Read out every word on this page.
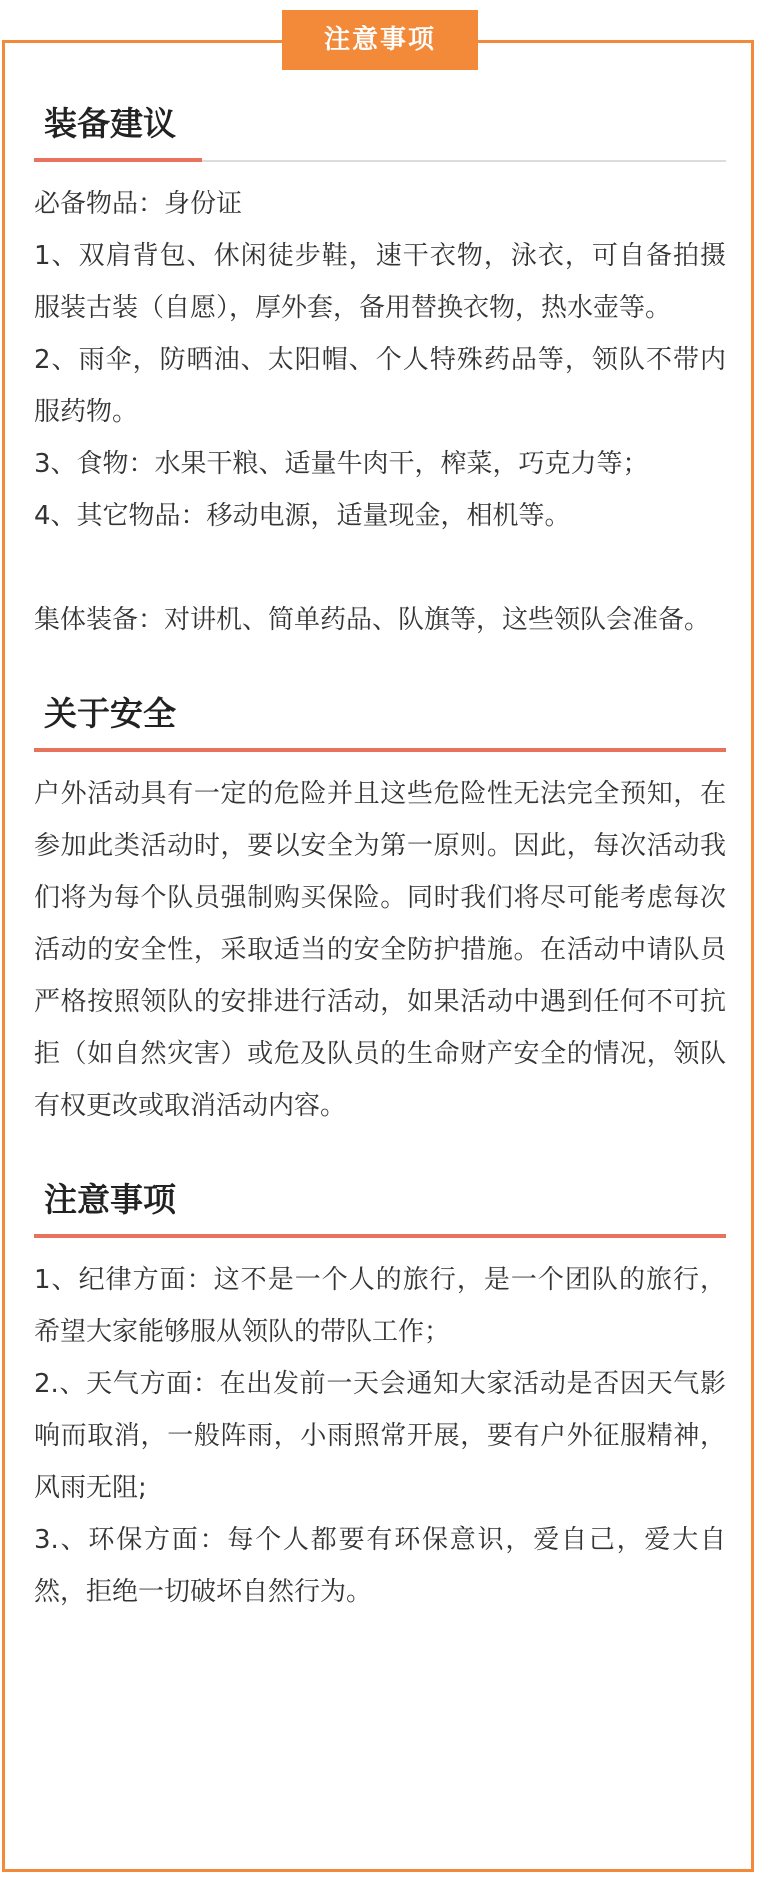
注意事项
装备建议

必备物品：身份证

1、双肩背包、休闲徒步鞋，速干衣物，泳衣，可自备拍摄服装古装（自愿），厚外套，备用替换衣物，热水壶等。

2、雨伞，防晒油、太阳帽、个人特殊药品等，领队不带内服药物。

3、食物：水果干粮、适量牛肉干，榨菜，巧克力等；

4、其它物品：移动电源，适量现金，相机等。

集体装备：对讲机、简单药品、队旗等，这些领队会准备。

关于安全

户外活动具有一定的危险并且这些危险性无法完全预知，在参加此类活动时，要以安全为第一原则。因此，每次活动我们将为每个队员强制购买保险。同时我们将尽可能考虑每次活动的安全性，采取适当的安全防护措施。在活动中请队员严格按照领队的安排进行活动，如果活动中遇到任何不可抗拒（如自然灾害）或危及队员的生命财产安全的情况，领队有权更改或取消活动内容。

注意事项

1、纪律方面：这不是一个人的旅行，是一个团队的旅行，希望大家能够服从领队的带队工作；

2.、天气方面：在出发前一天会通知大家活动是否因天气影响而取消，一般阵雨，小雨照常开展，要有户外征服精神，风雨无阻;

3.、环保方面：每个人都要有环保意识，爱自己，爱大自然，拒绝一切破坏自然行为。
